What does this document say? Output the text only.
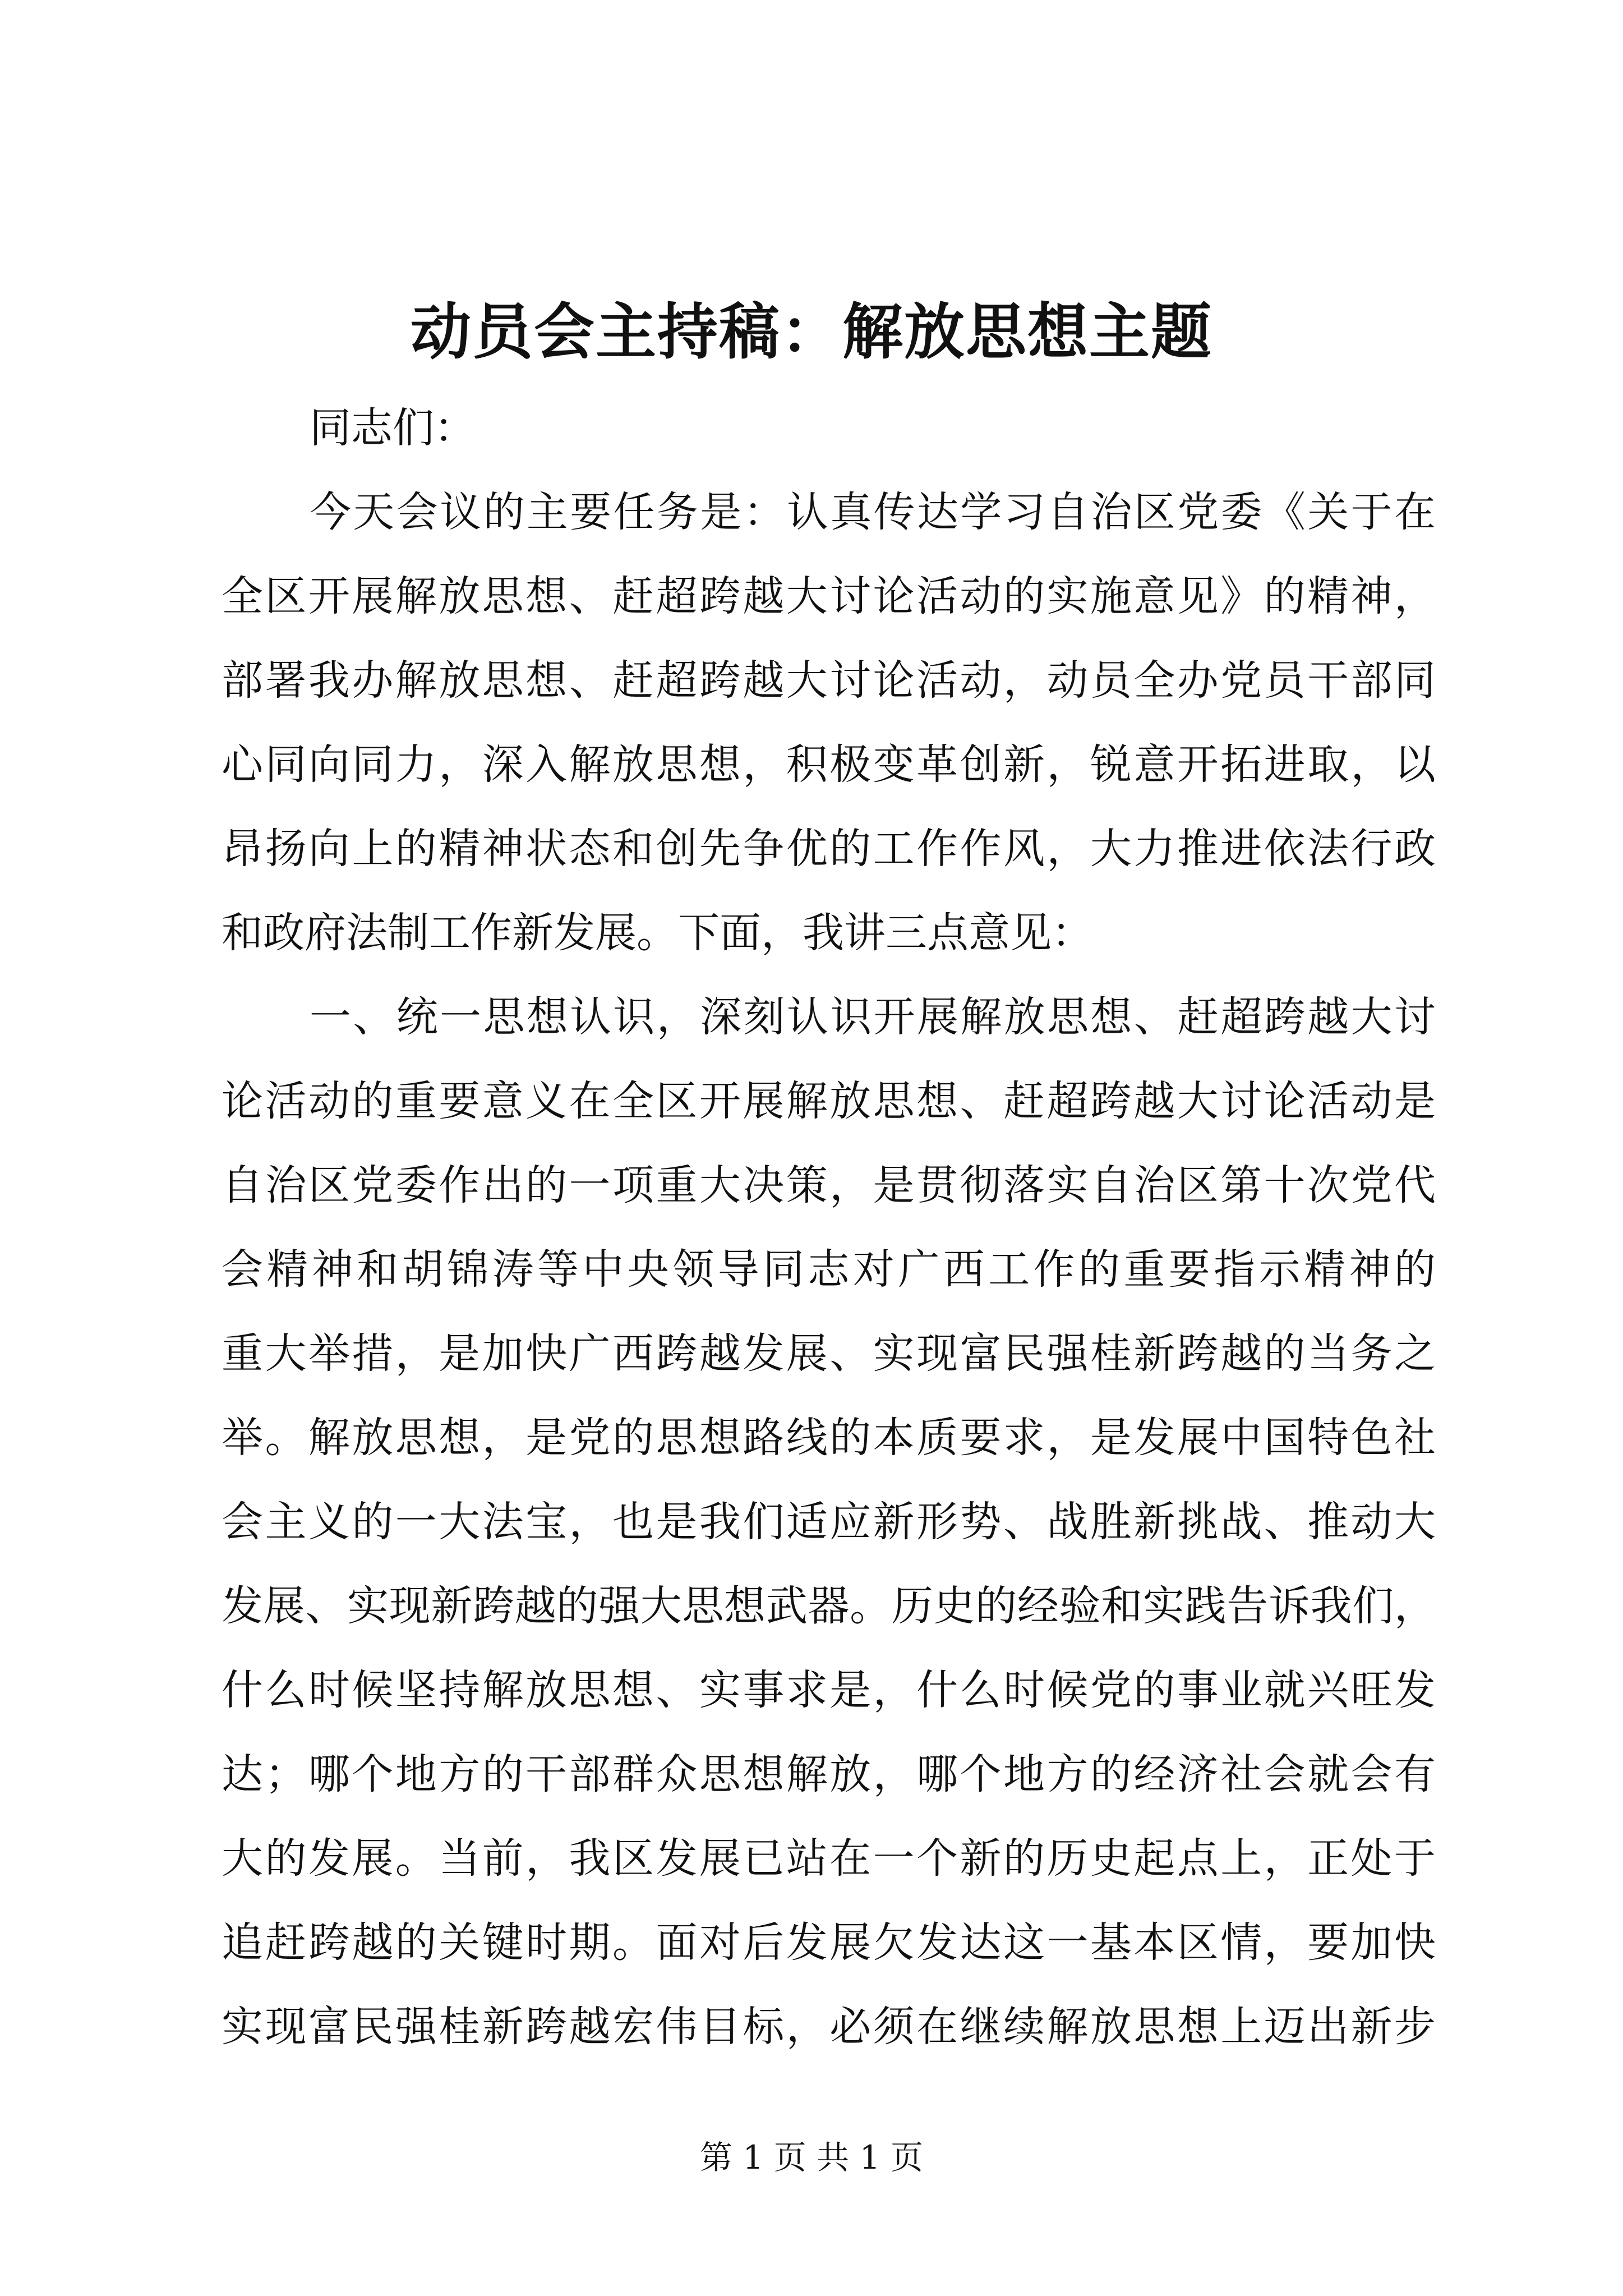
动员会主持稿：解放思想主题
同志们：
今天会议的主要任务是：认真传达学习自治区党委《关于在
全区开展解放思想、赶超跨越大讨论活动的实施意见》的精神，
部署我办解放思想、赶超跨越大讨论活动，动员全办党员干部同
心同向同力，深入解放思想，积极变革创新，锐意开拓进取，以
昂扬向上的精神状态和创先争优的工作作风，大力推进依法行政
和政府法制工作新发展。下面，我讲三点意见：
一、统一思想认识，深刻认识开展解放思想、赶超跨越大讨
论活动的重要意义在全区开展解放思想、赶超跨越大讨论活动是
自治区党委作出的一项重大决策，是贯彻落实自治区第十次党代
会精神和胡锦涛等中央领导同志对广西工作的重要指示精神的
重大举措，是加快广西跨越发展、实现富民强桂新跨越的当务之
举。解放思想，是党的思想路线的本质要求，是发展中国特色社
会主义的一大法宝，也是我们适应新形势、战胜新挑战、推动大
发展、实现新跨越的强大思想武器。历史的经验和实践告诉我们，
什么时候坚持解放思想、实事求是，什么时候党的事业就兴旺发
达；哪个地方的干部群众思想解放，哪个地方的经济社会就会有
大的发展。当前，我区发展已站在一个新的历史起点上，正处于
追赶跨越的关键时期。面对后发展欠发达这一基本区情，要加快
实现富民强桂新跨越宏伟目标，必须在继续解放思想上迈出新步
第 1 页 共 1 页
